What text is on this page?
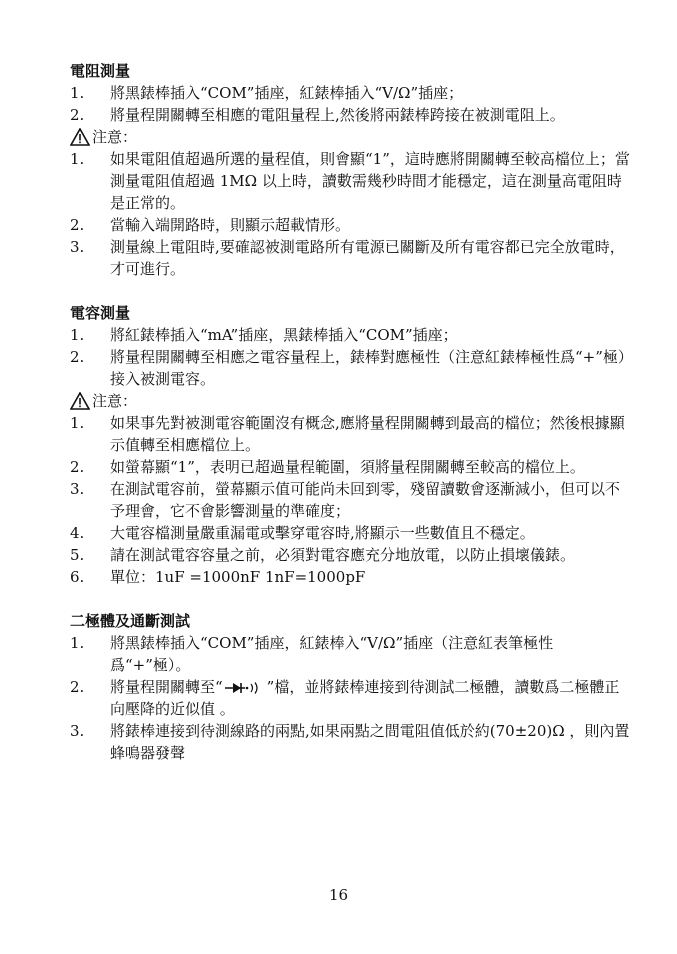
電阻測量
1.	將黑錶棒插入“COM”插座，紅錶棒插入“V/Ω”插座；
2.	將量程開關轉至相應的電阻量程上,然後將兩錶棒跨接在被測電阻上。
注意：
1.	如果電阻值超過所選的量程值，則會顯“1”，這時應將開關轉至較高檔位上；當測量電阻值超過 1MΩ 以上時，讀數需幾秒時間才能穩定，這在測量高電阻時是正常的。
2.	當輸入端開路時，則顯示超載情形。
3.	測量線上電阻時,要確認被測電路所有電源已關斷及所有電容都已完全放電時，才可進行。
電容測量
1.	將紅錶棒插入“mA”插座，黑錶棒插入“COM”插座；
2.	將量程開關轉至相應之電容量程上，錶棒對應極性（注意紅錶棒極性爲“+”極）接入被測電容。
注意：
1.	如果事先對被測電容範圍沒有概念,應將量程開關轉到最高的檔位；然後根據顯示值轉至相應檔位上。
2.	如螢幕顯“1”，表明已超過量程範圍，須將量程開關轉至較高的檔位上。
3.	在測試電容前，螢幕顯示值可能尚未回到零，殘留讀數會逐漸減小，但可以不予理會，它不會影響測量的準確度；
4.	大電容檔測量嚴重漏電或擊穿電容時,將顯示一些數值且不穩定。
5.	請在測試電容容量之前，必須對電容應充分地放電，以防止損壞儀錶。
6.	單位：1uF =1000nF 1nF=1000pF
二極體及通斷測試
1.	將黑錶棒插入“COM”插座，紅錶棒入“V/Ω”插座（注意紅表筆極性爲“+”極）。
2.	將量程開關轉至“	”檔，並將錶棒連接到待測試二極體，讀數爲二極體正向壓降的近似值 。
3.	將錶棒連接到待測線路的兩點,如果兩點之間電阻值低於約(70±20)Ω ，則內置蜂鳴器發聲
16
